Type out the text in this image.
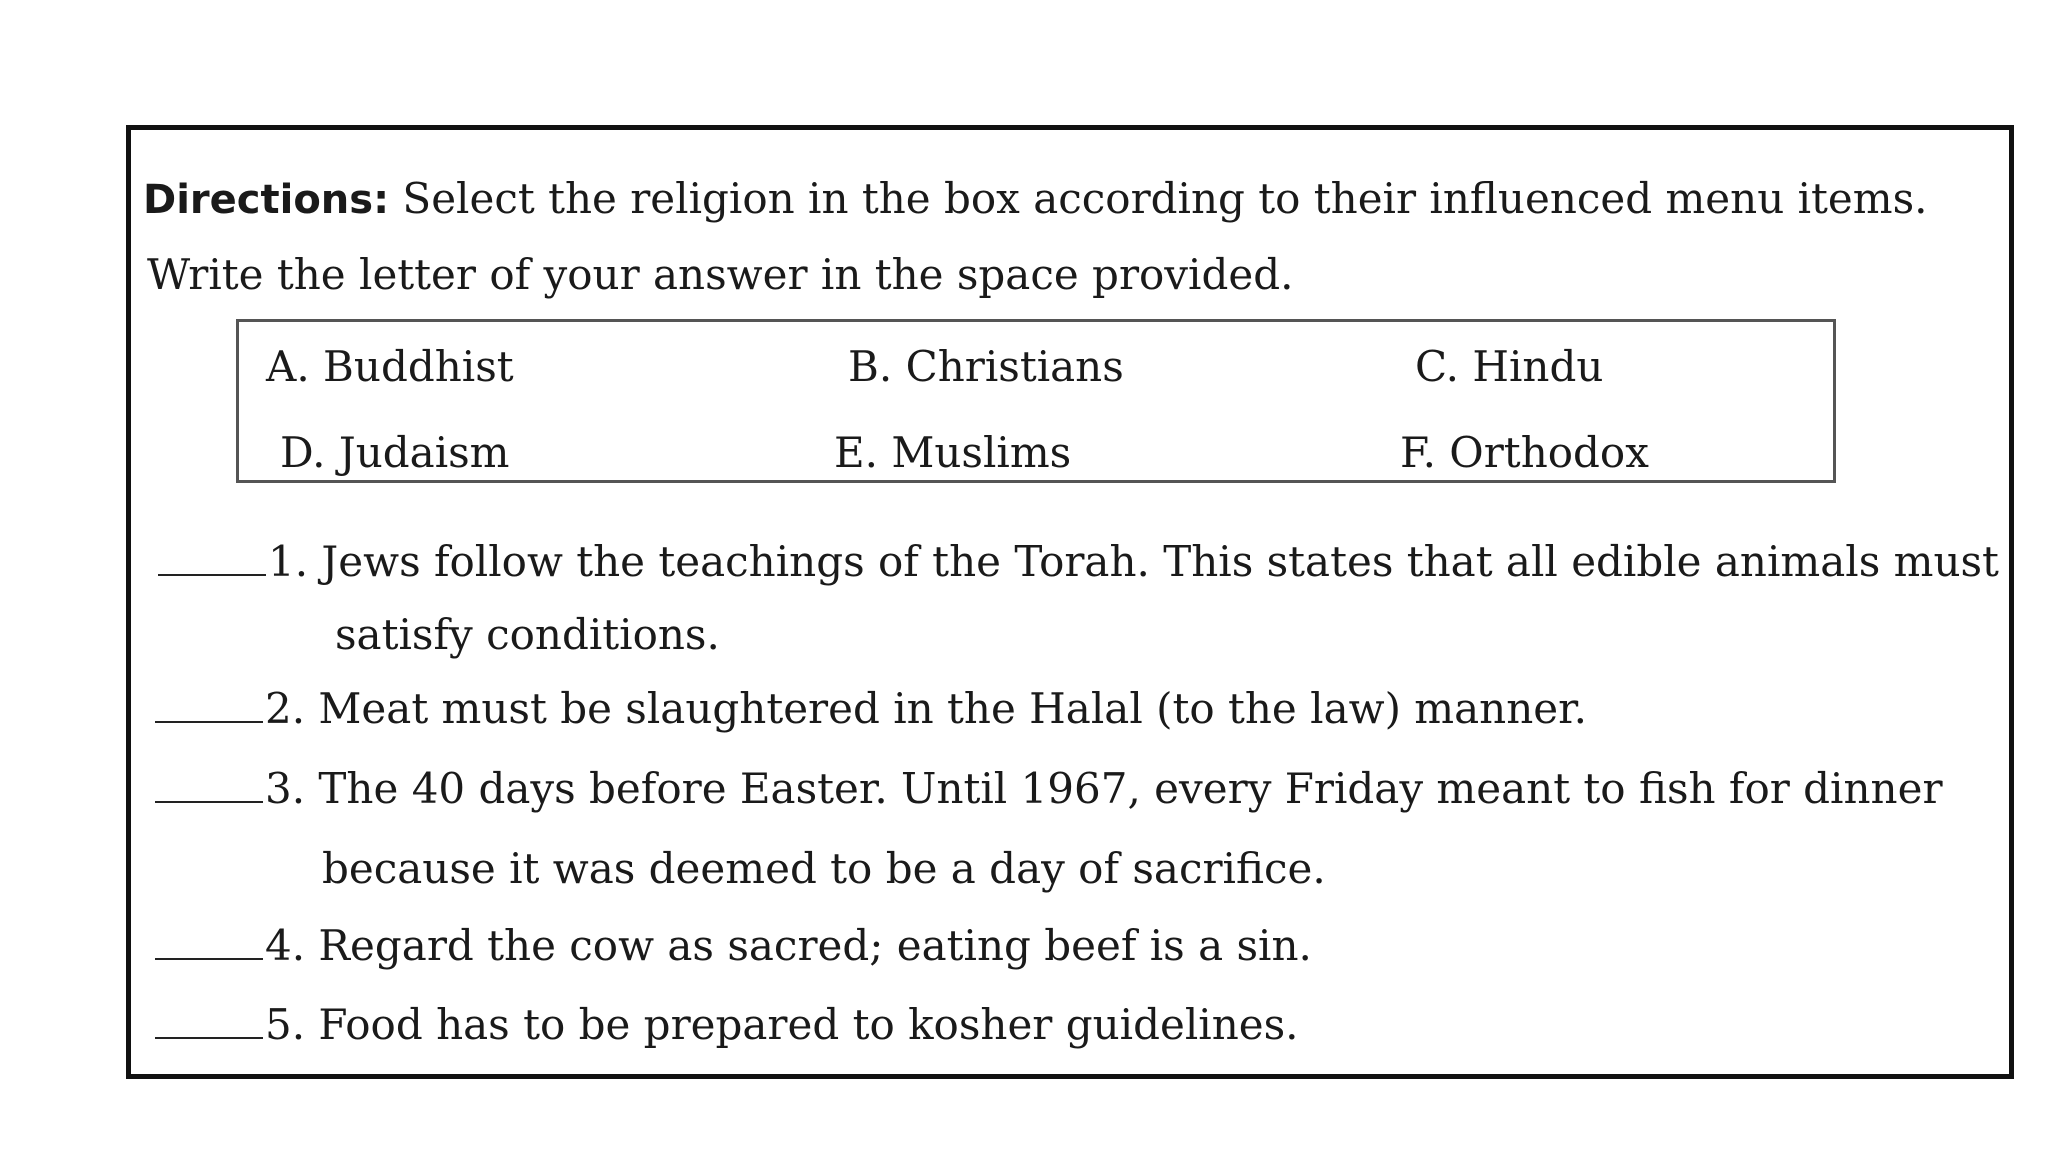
Directions: Select the religion in the box according to their influenced menu items.
Write the letter of your answer in the space provided.
A. Buddhist	B. Christians	C. Hindu
D. Judaism	E. Muslims	F. Orthodox
1. Jews follow the teachings of the Torah. This states that all edible animals must
satisfy conditions.
2. Meat must be slaughtered in the Halal (to the law) manner.
3. The 40 days before Easter. Until 1967, every Friday meant to fish for dinner
because it was deemed to be a day of sacrifice.
4. Regard the cow as sacred; eating beef is a sin.
5. Food has to be prepared to kosher guidelines.
